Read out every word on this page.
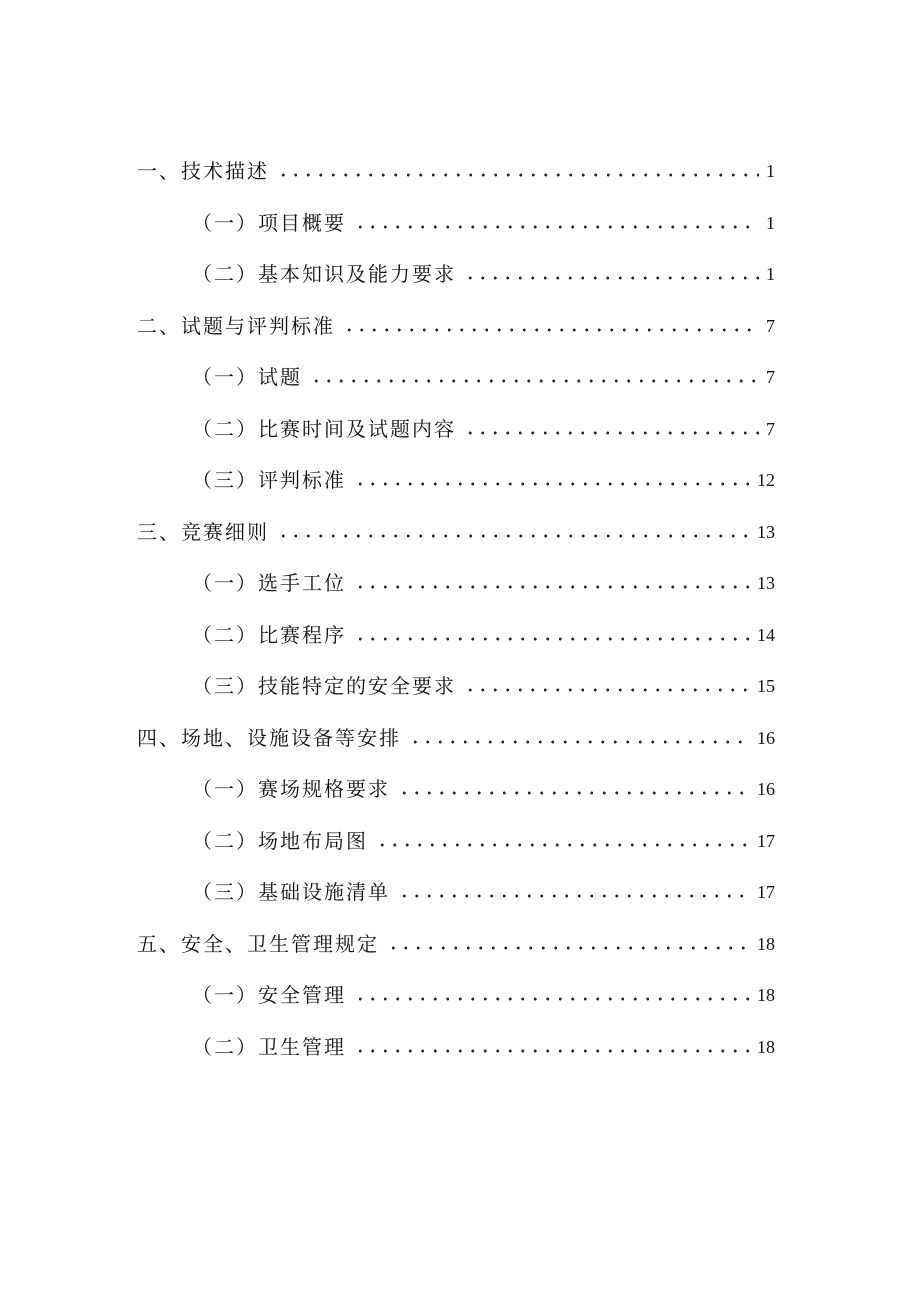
一、技术描述	1
（一）项目概要	1
（二）基本知识及能力要求	1
二、试题与评判标准	7
（一）试题	7
（二）比赛时间及试题内容	7
（三）评判标准	12
三、竞赛细则	13
（一）选手工位	13
（二）比赛程序	14
（三）技能特定的安全要求	15
四、场地、设施设备等安排	16
（一）赛场规格要求	16
（二）场地布局图	17
（三）基础设施清单	17
五、安全、卫生管理规定	18
（一）安全管理	18
（二）卫生管理	18
